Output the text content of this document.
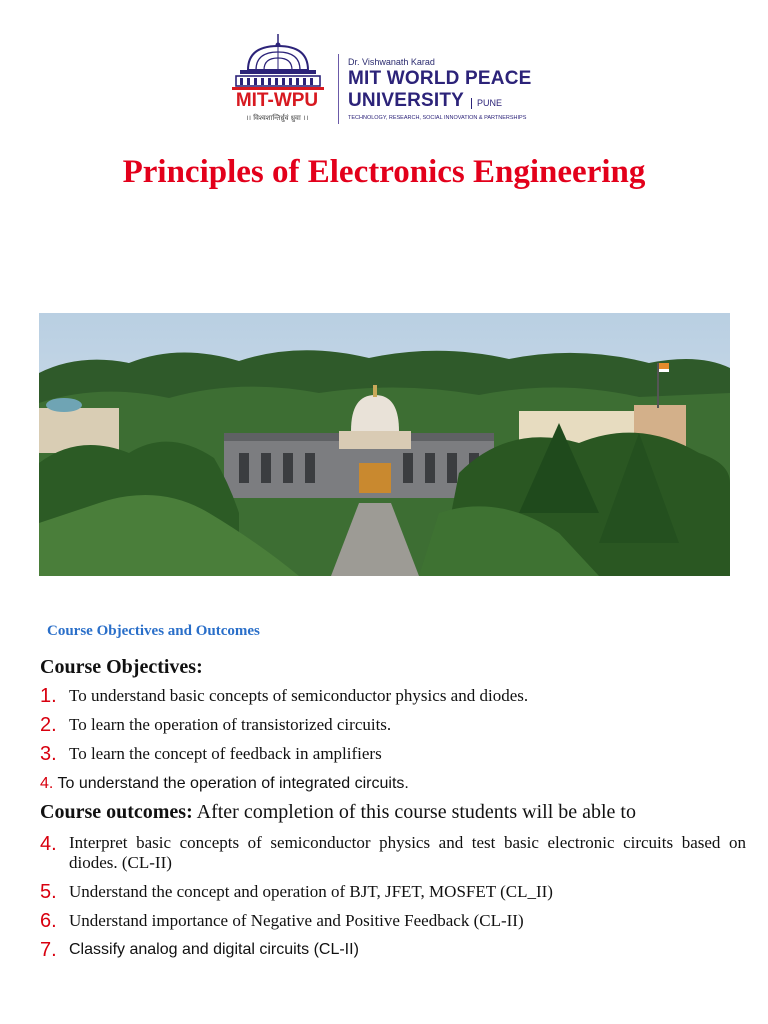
MIT-WPU
।। विश्वशान्तिर्ध्रुवं ध्रुवा ।।
Dr. Vishwanath Karad
MIT WORLD PEACE
UNIVERSITY	PUNE
TECHNOLOGY, RESEARCH, SOCIAL INNOVATION & PARTNERSHIPS
Principles of Electronics Engineering
Course Objectives and Outcomes
Course Objectives:
1. To understand basic concepts of semiconductor physics and diodes.
2. To learn the operation of transistorized circuits.
3. To learn the concept of feedback in amplifiers
4. To understand the operation of integrated circuits.
Course outcomes: After completion of this course students will be able to
4. Interpret basic concepts of semiconductor physics and test basic electronic circuits based on diodes. (CL-II)
5. Understand the concept and operation of BJT, JFET, MOSFET (CL_II)
6. Understand importance of Negative and Positive Feedback (CL-II)
7. Classify analog and digital circuits (CL-II)
